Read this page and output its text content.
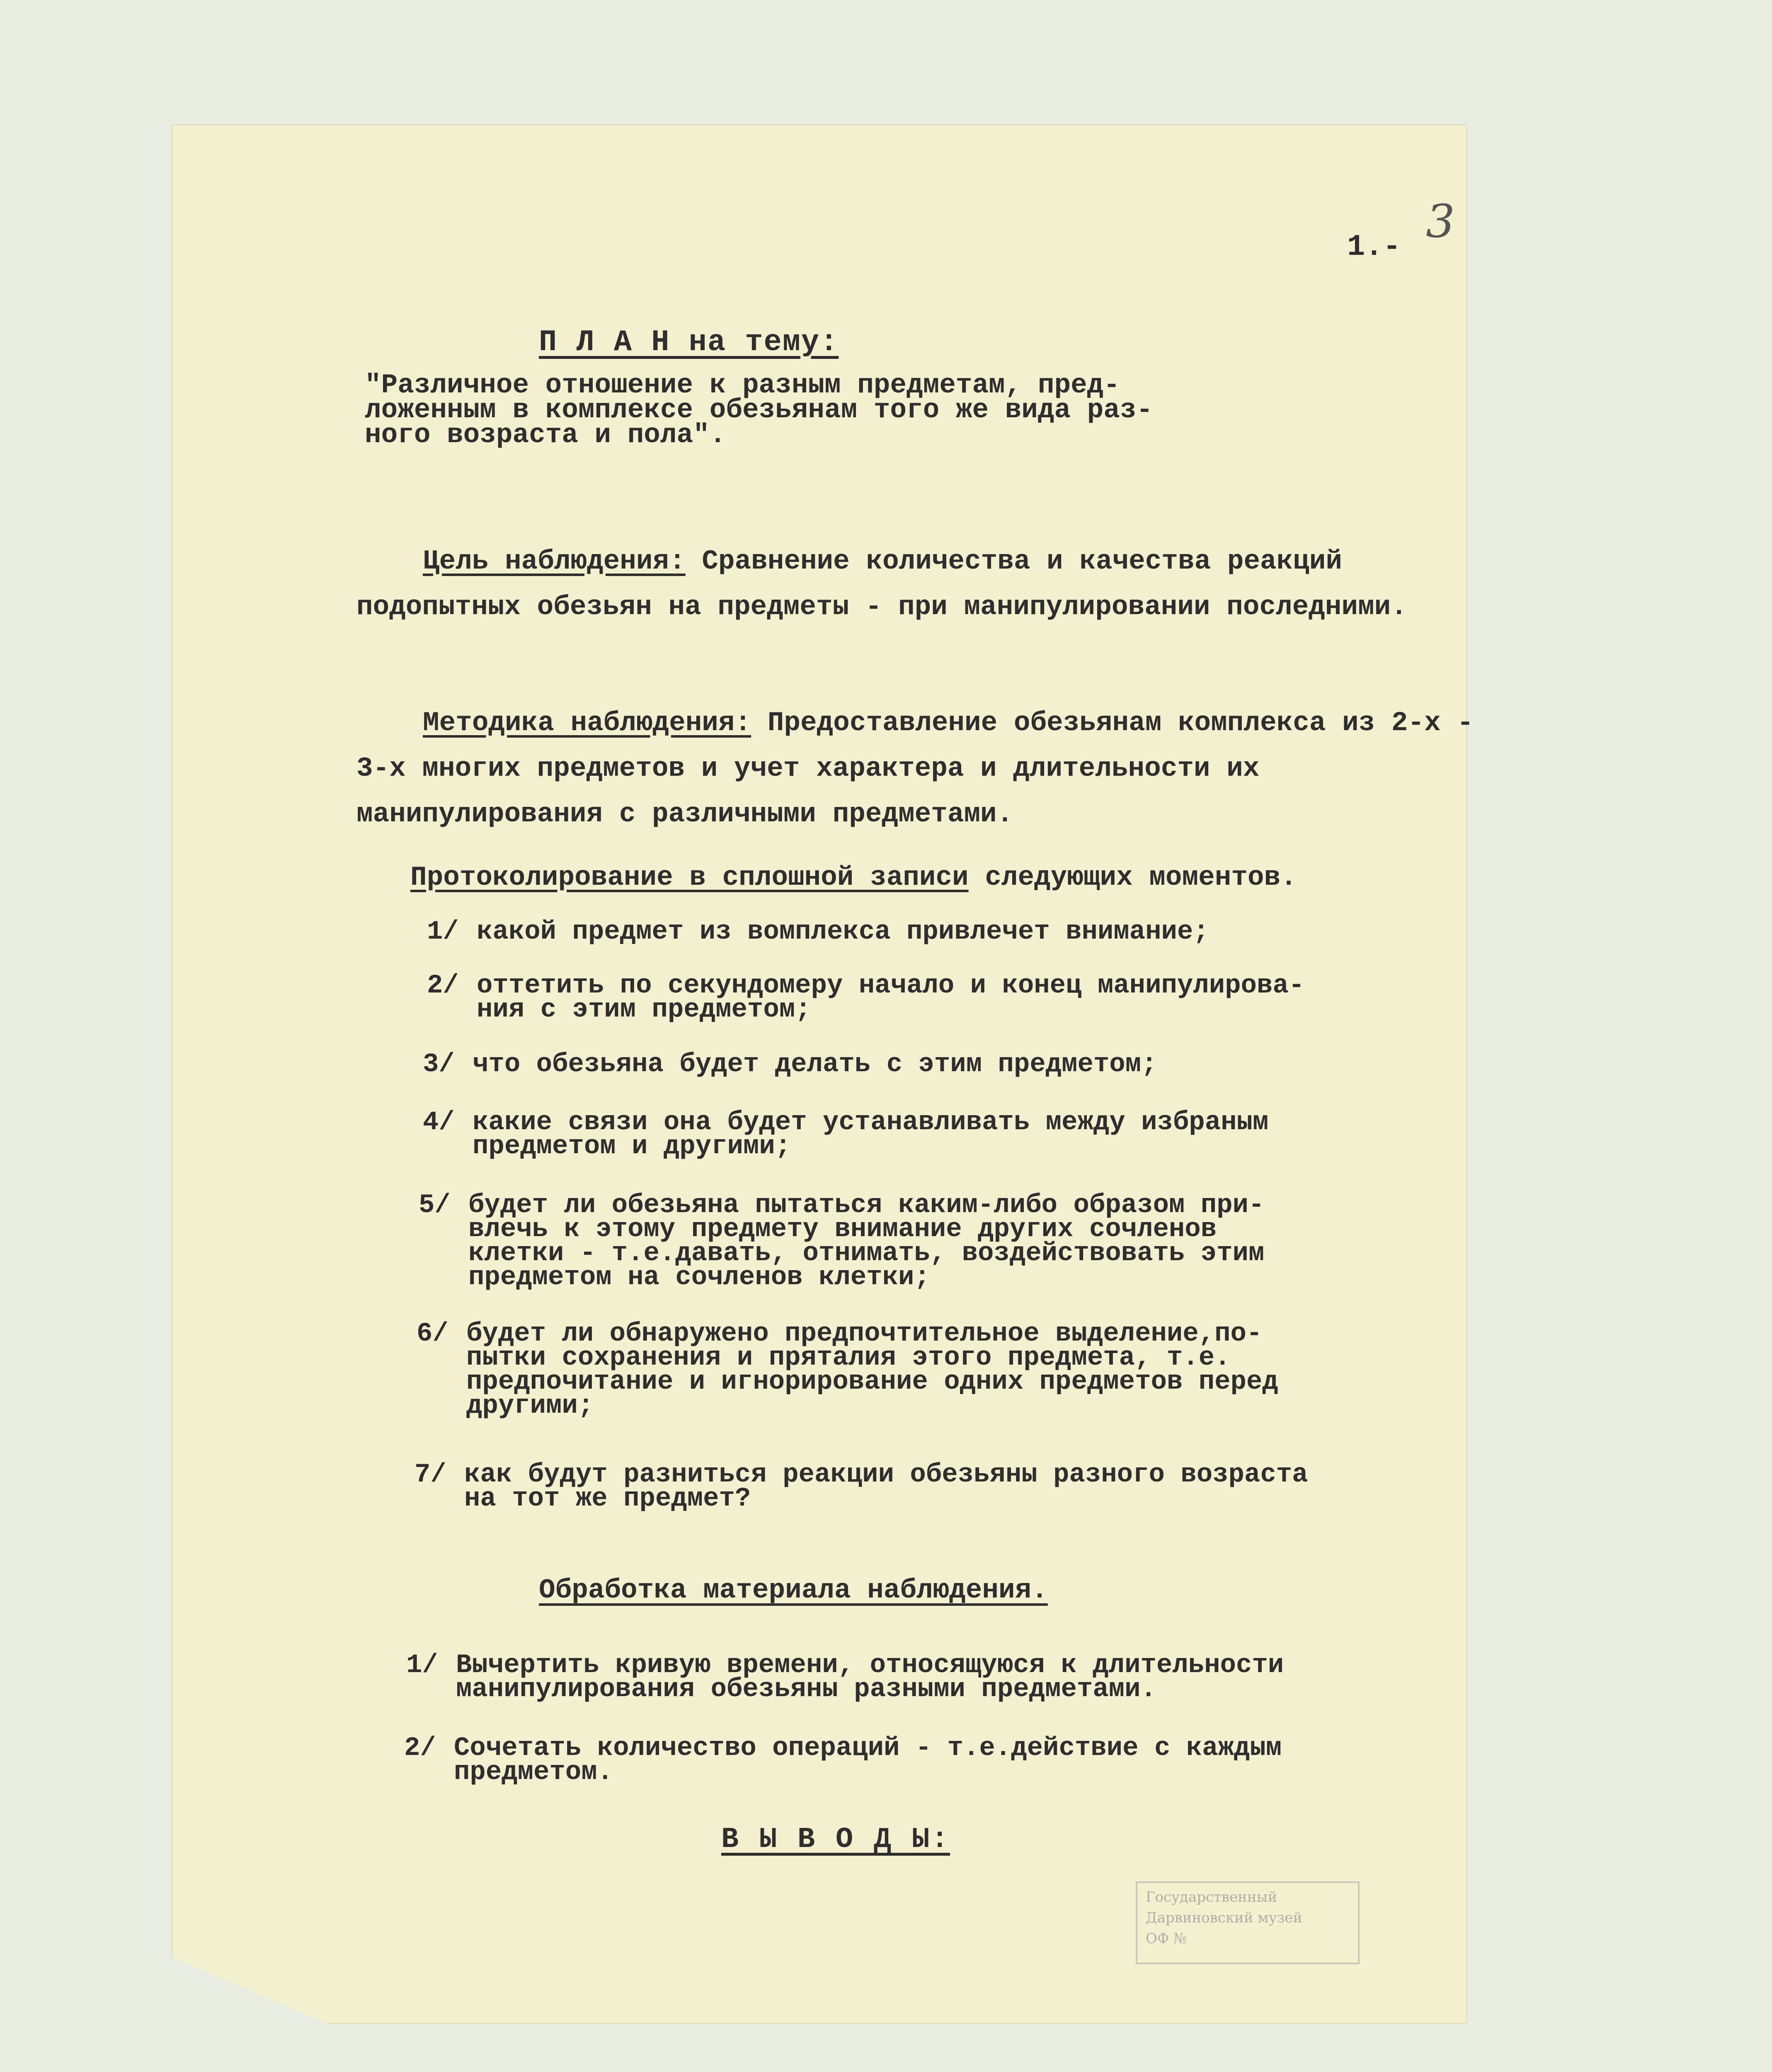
1.- 3
П Л А Н на тему:

"Различное отношение к разным предметам, пред-
ложенным в комплексе обезьянам того же вида раз-
ного возраста и пола".

Цель наблюдения: Сравнение количества и качества реакций подопытных обезьян на предметы - при манипулировании последними.

Методика наблюдения: Предоставление обезьянам комплекса из 2-х - 3-х многих предметов и учет характера и длительности их манипулирования с различными предметами.

Протоколирование в сплошной записи следующих моментов.
1/ какой предмет из вомплекса привлечет внимание;
2/ оттетить по секундомеру начало и конец манипулирова-
ния с этим предметом;
3/ что обезьяна будет делать с этим предметом;
4/ какие связи она будет устанавливать между избраным
предметом и другими;
5/ будет ли обезьяна пытаться каким-либо образом при-
влечь к этому предмету внимание других сочленов
клетки - т.е.давать, отнимать, воздействовать этим
предметом на сочленов клетки;
6/ будет ли обнаружено предпочтительное выделение,по-
пытки сохранения и пряталия этого предмета, т.е.
предпочитание и игнорирование одних предметов перед
другими;
7/ как будут разниться реакции обезьяны разного возраста
на тот же предмет?
Обработка материала наблюдения.
1/ Вычертить кривую времени, относящуюся к длительности
манипулирования обезьяны разными предметами.
2/ Сочетать количество операций - т.е.действие с каждым
предметом.
В Ы В О Д Ы:
Государственный
Дарвиновский музей
ОФ №
